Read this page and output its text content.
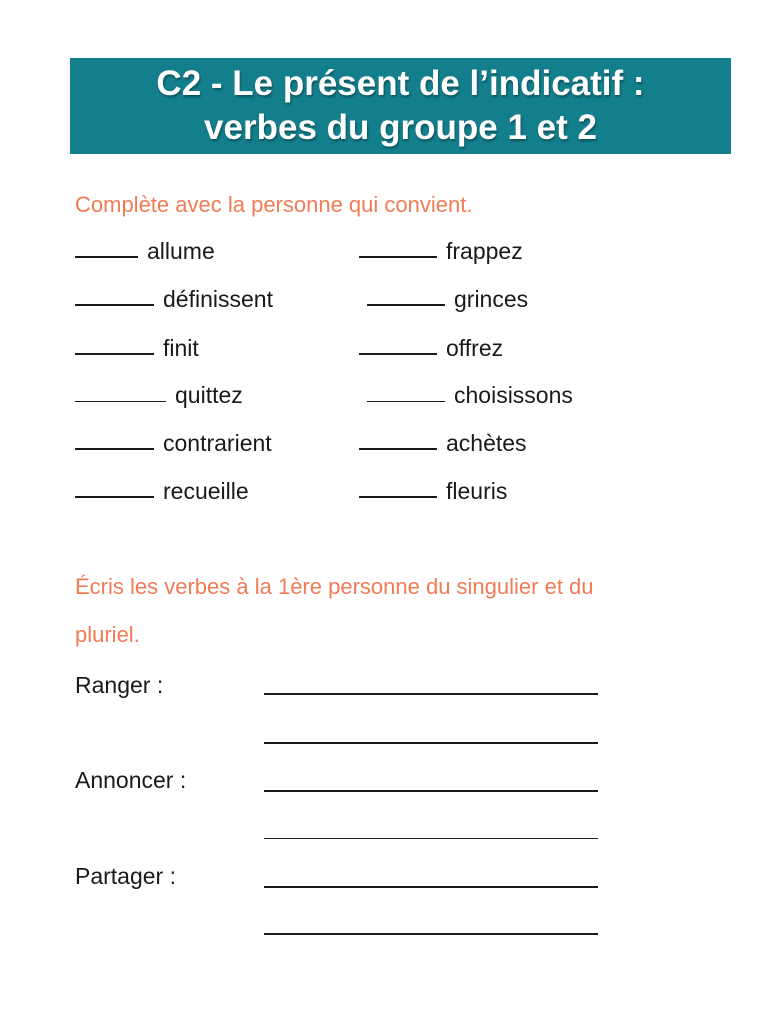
C2 - Le présent de l’indicatif :
verbes du groupe 1 et 2
Complète avec la personne qui convient.
allume
définissent
finit
quittez
contrarient
recueille
frappez
grinces
offrez
choisissons
achètes
fleuris
Écris les verbes à la 1ère personne du singulier et du
pluriel.
Ranger :
Annoncer :
Partager :
